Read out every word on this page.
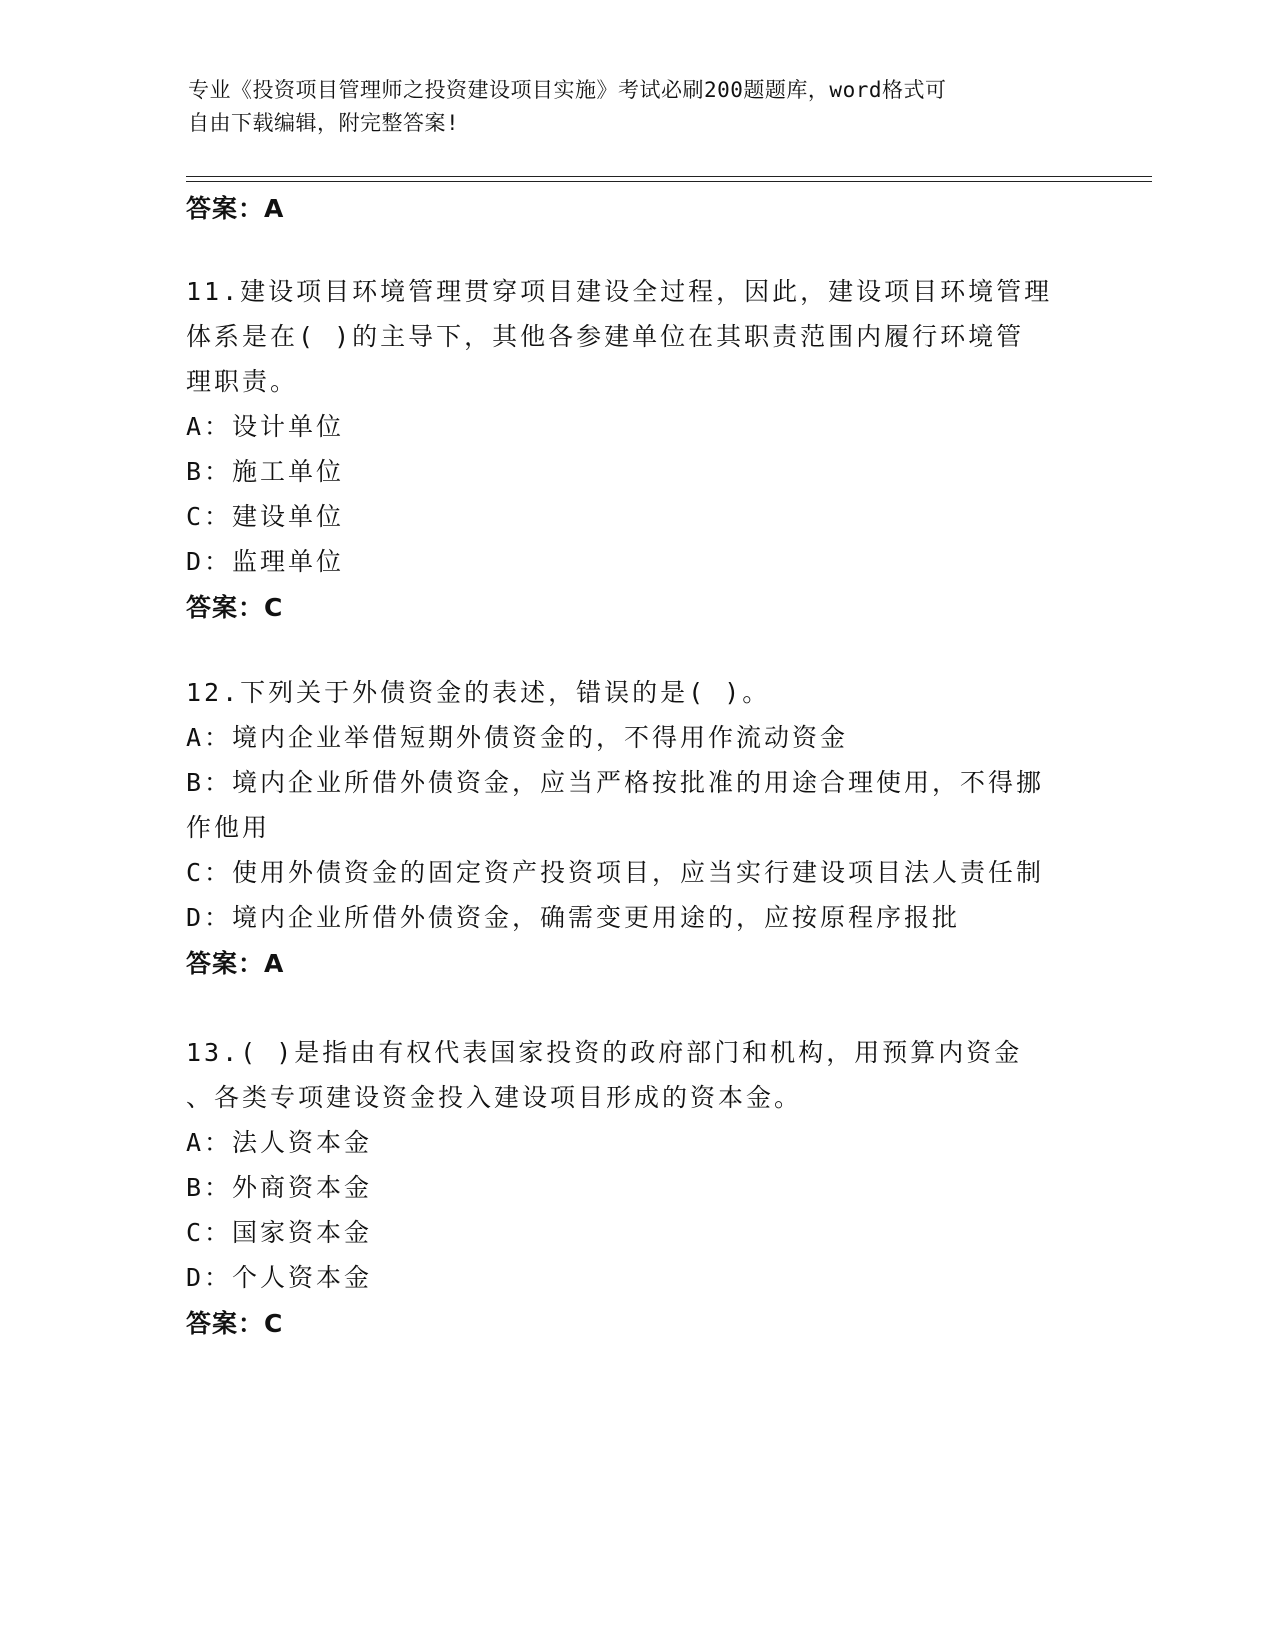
专业《投资项目管理师之投资建设项目实施》考试必刷200题题库，word格式可
自由下载编辑，附完整答案!
答案：A
11.建设项目环境管理贯穿项目建设全过程，因此，建设项目环境管理
体系是在( )的主导下，其他各参建单位在其职责范围内履行环境管
理职责。
A：设计单位
B：施工单位
C：建设单位
D：监理单位
答案：C
12.下列关于外债资金的表述，错误的是( )。
A：境内企业举借短期外债资金的，不得用作流动资金
B：境内企业所借外债资金，应当严格按批准的用途合理使用，不得挪
作他用
C：使用外债资金的固定资产投资项目，应当实行建设项目法人责任制
D：境内企业所借外债资金，确需变更用途的，应按原程序报批
答案：A
13.( )是指由有权代表国家投资的政府部门和机构，用预算内资金
、各类专项建设资金投入建设项目形成的资本金。
A：法人资本金
B：外商资本金
C：国家资本金
D：个人资本金
答案：C
